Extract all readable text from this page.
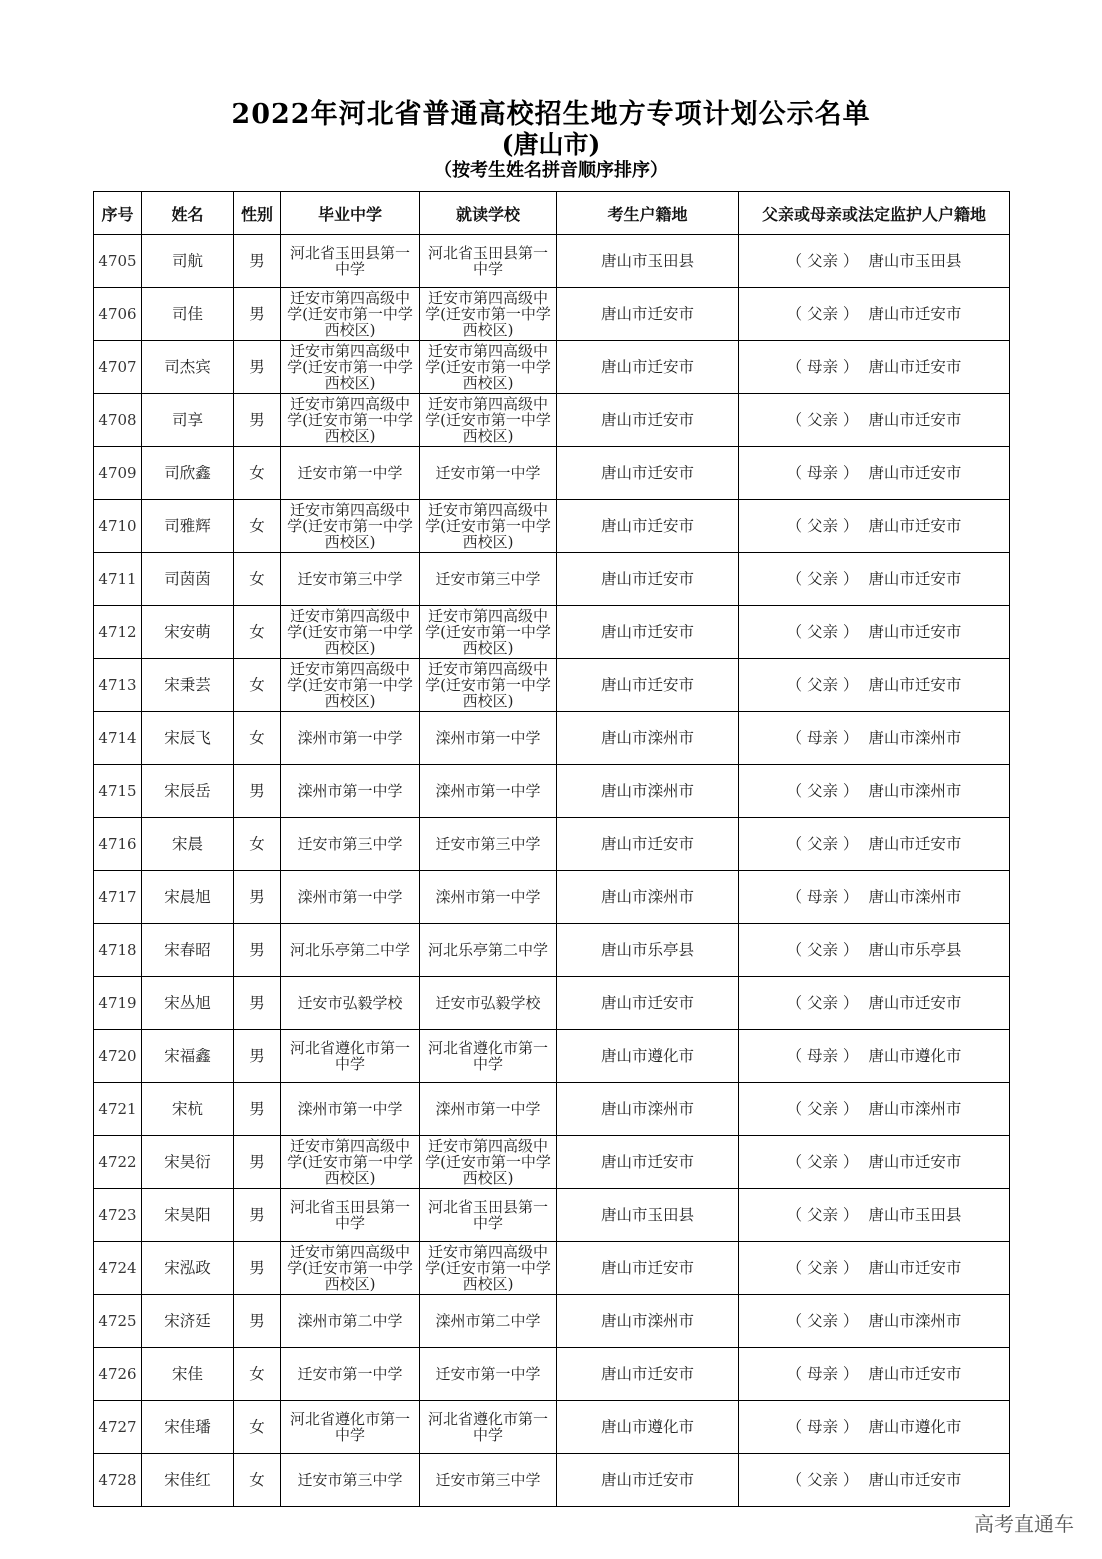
2022年河北省普通高校招生地方专项计划公示名单
(唐山市)
（按考生姓名拼音顺序排序）
序号	姓名	性别	毕业中学	就读学校	考生户籍地	父亲或母亲或法定监护人户籍地
4705	司航	男	河北省玉田县第一中学	河北省玉田县第一中学	唐山市玉田县	（ 父亲 ） 唐山市玉田县
4706	司佳	男	迁安市第四高级中学(迁安市第一中学西校区)	迁安市第四高级中学(迁安市第一中学西校区)	唐山市迁安市	（ 父亲 ） 唐山市迁安市
4707	司杰宾	男	迁安市第四高级中学(迁安市第一中学西校区)	迁安市第四高级中学(迁安市第一中学西校区)	唐山市迁安市	（ 母亲 ） 唐山市迁安市
4708	司享	男	迁安市第四高级中学(迁安市第一中学西校区)	迁安市第四高级中学(迁安市第一中学西校区)	唐山市迁安市	（ 父亲 ） 唐山市迁安市
4709	司欣鑫	女	迁安市第一中学	迁安市第一中学	唐山市迁安市	（ 母亲 ） 唐山市迁安市
4710	司雅辉	女	迁安市第四高级中学(迁安市第一中学西校区)	迁安市第四高级中学(迁安市第一中学西校区)	唐山市迁安市	（ 父亲 ） 唐山市迁安市
4711	司茵茵	女	迁安市第三中学	迁安市第三中学	唐山市迁安市	（ 父亲 ） 唐山市迁安市
4712	宋安萌	女	迁安市第四高级中学(迁安市第一中学西校区)	迁安市第四高级中学(迁安市第一中学西校区)	唐山市迁安市	（ 父亲 ） 唐山市迁安市
4713	宋秉芸	女	迁安市第四高级中学(迁安市第一中学西校区)	迁安市第四高级中学(迁安市第一中学西校区)	唐山市迁安市	（ 父亲 ） 唐山市迁安市
4714	宋辰飞	女	滦州市第一中学	滦州市第一中学	唐山市滦州市	（ 母亲 ） 唐山市滦州市
4715	宋辰岳	男	滦州市第一中学	滦州市第一中学	唐山市滦州市	（ 父亲 ） 唐山市滦州市
4716	宋晨	女	迁安市第三中学	迁安市第三中学	唐山市迁安市	（ 父亲 ） 唐山市迁安市
4717	宋晨旭	男	滦州市第一中学	滦州市第一中学	唐山市滦州市	（ 母亲 ） 唐山市滦州市
4718	宋春昭	男	河北乐亭第二中学	河北乐亭第二中学	唐山市乐亭县	（ 父亲 ） 唐山市乐亭县
4719	宋丛旭	男	迁安市弘毅学校	迁安市弘毅学校	唐山市迁安市	（ 父亲 ） 唐山市迁安市
4720	宋福鑫	男	河北省遵化市第一中学	河北省遵化市第一中学	唐山市遵化市	（ 母亲 ） 唐山市遵化市
4721	宋杭	男	滦州市第一中学	滦州市第一中学	唐山市滦州市	（ 父亲 ） 唐山市滦州市
4722	宋昊衍	男	迁安市第四高级中学(迁安市第一中学西校区)	迁安市第四高级中学(迁安市第一中学西校区)	唐山市迁安市	（ 父亲 ） 唐山市迁安市
4723	宋昊阳	男	河北省玉田县第一中学	河北省玉田县第一中学	唐山市玉田县	（ 父亲 ） 唐山市玉田县
4724	宋泓政	男	迁安市第四高级中学(迁安市第一中学西校区)	迁安市第四高级中学(迁安市第一中学西校区)	唐山市迁安市	（ 父亲 ） 唐山市迁安市
4725	宋济廷	男	滦州市第二中学	滦州市第二中学	唐山市滦州市	（ 父亲 ） 唐山市滦州市
4726	宋佳	女	迁安市第一中学	迁安市第一中学	唐山市迁安市	（ 母亲 ） 唐山市迁安市
4727	宋佳璠	女	河北省遵化市第一中学	河北省遵化市第一中学	唐山市遵化市	（ 母亲 ） 唐山市遵化市
4728	宋佳红	女	迁安市第三中学	迁安市第三中学	唐山市迁安市	（ 父亲 ） 唐山市迁安市
高考直通车
